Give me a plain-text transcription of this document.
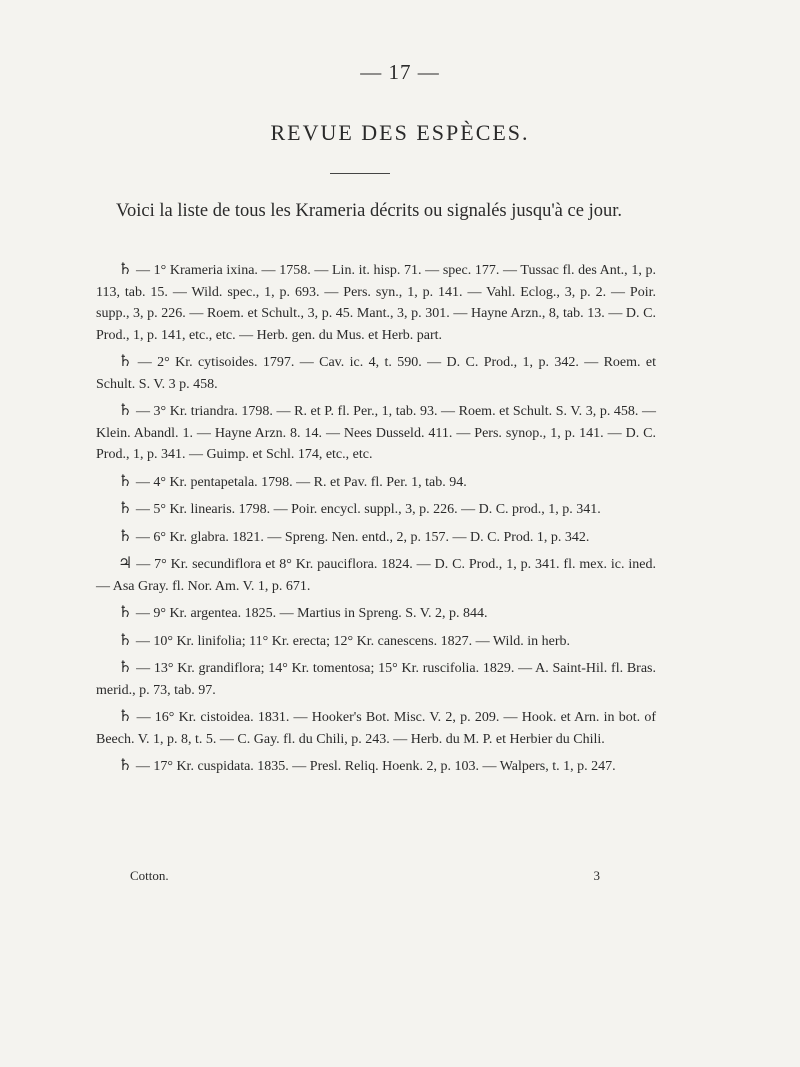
— 17 —
REVUE DES ESPÈCES.

Voici la liste de tous les Krameria décrits ou signalés jusqu'à ce jour.

♄ — 1° Krameria ixina. — 1758. — Lin. it. hisp. 71. — spec. 177. — Tussac fl. des Ant., 1, p. 113, tab. 15. — Wild. spec., 1, p. 693. — Pers. syn., 1, p. 141. — Vahl. Eclog., 3, p. 2. — Poir. supp., 3, p. 226. — Roem. et Schult., 3, p. 45. Mant., 3, p. 301. — Hayne Arzn., 8, tab. 13. — D. C. Prod., 1, p. 141, etc., etc. — Herb. gen. du Mus. et Herb. part.

♄ — 2° Kr. cytisoides. 1797. — Cav. ic. 4, t. 590. — D. C. Prod., 1, p. 342. — Roem. et Schult. S. V. 3 p. 458.

♄ — 3° Kr. triandra. 1798. — R. et P. fl. Per., 1, tab. 93. — Roem. et Schult. S. V. 3, p. 458. — Klein. Abandl. 1. — Hayne Arzn. 8. 14. — Nees Dusseld. 411. — Pers. synop., 1, p. 141. — D. C. Prod., 1, p. 341. — Guimp. et Schl. 174, etc., etc.

♄ — 4° Kr. pentapetala. 1798. — R. et Pav. fl. Per. 1, tab. 94.

♄ — 5° Kr. linearis. 1798. — Poir. encycl. suppl., 3, p. 226. — D. C. prod., 1, p. 341.

♄ — 6° Kr. glabra. 1821. — Spreng. Nen. entd., 2, p. 157. — D. C. Prod. 1, p. 342.

♃ — 7° Kr. secundiflora et 8° Kr. pauciflora. 1824. — D. C. Prod., 1, p. 341. fl. mex. ic. ined. — Asa Gray. fl. Nor. Am. V. 1, p. 671.

♄ — 9° Kr. argentea. 1825. — Martius in Spreng. S. V. 2, p. 844.

♄ — 10° Kr. linifolia; 11° Kr. erecta; 12° Kr. canescens. 1827. — Wild. in herb.

♄ — 13° Kr. grandiflora; 14° Kr. tomentosa; 15° Kr. ruscifolia. 1829. — A. Saint-Hil. fl. Bras. merid., p. 73, tab. 97.

♄ — 16° Kr. cistoidea. 1831. — Hooker's Bot. Misc. V. 2, p. 209. — Hook. et Arn. in bot. of Beech. V. 1, p. 8, t. 5. — C. Gay. fl. du Chili, p. 243. — Herb. du M. P. et Herbier du Chili.

♄ — 17° Kr. cuspidata. 1835. — Presl. Reliq. Hoenk. 2, p. 103. — Walpers, t. 1, p. 247.

Cotton.	3
